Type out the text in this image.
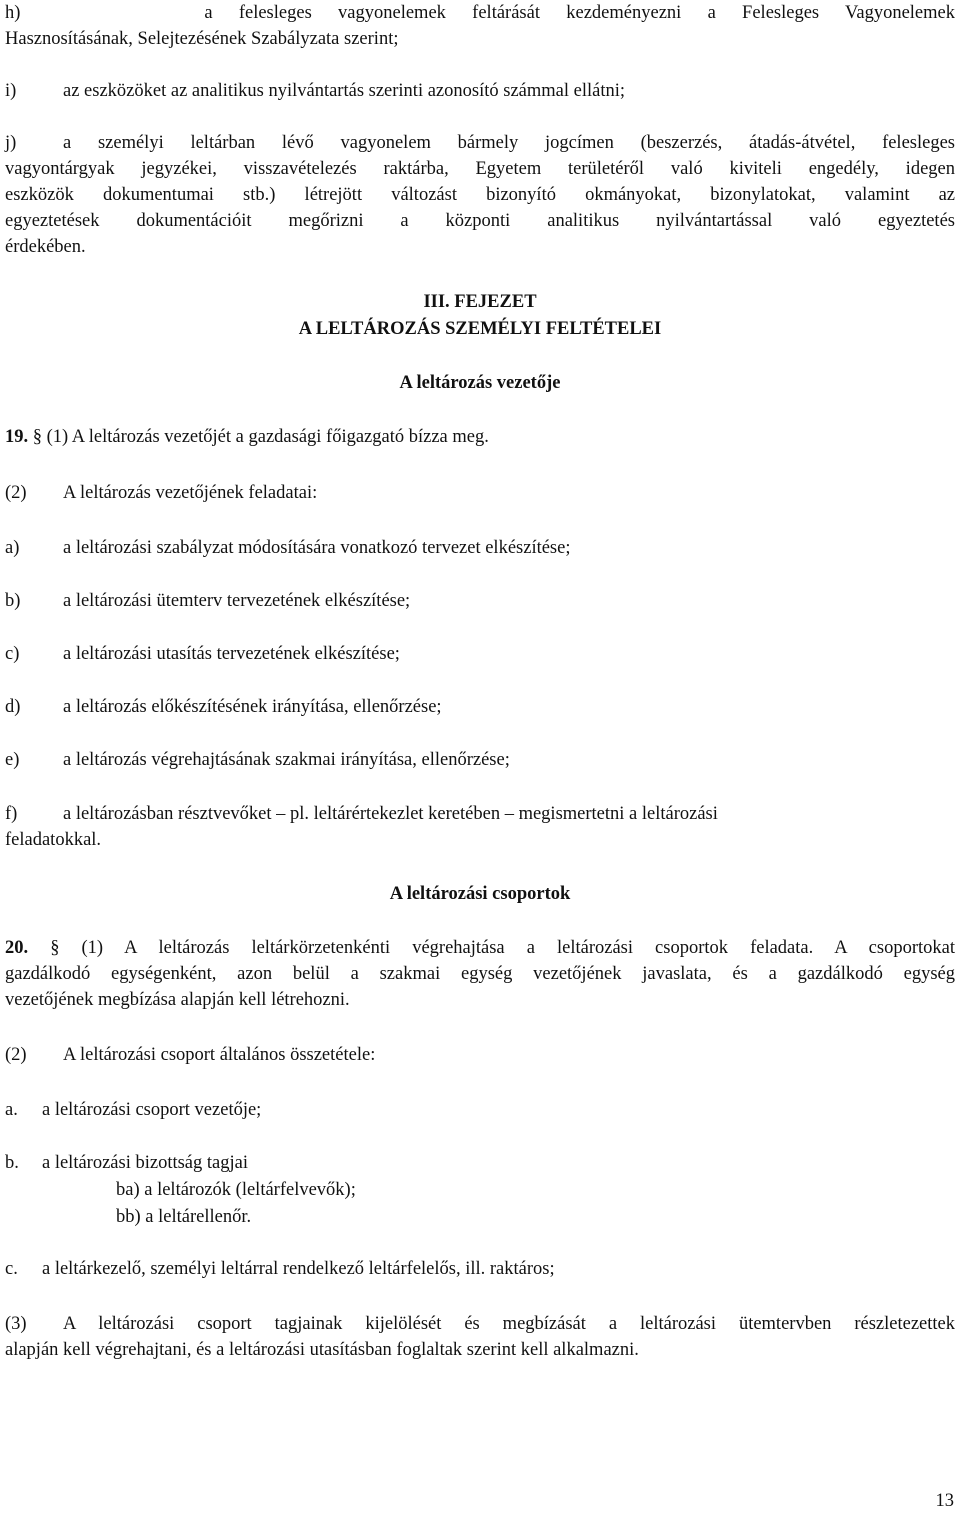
h)	a felesleges vagyonelemek feltárását kezdeményezni a Felesleges Vagyonelemek

Hasznosításának, Selejtezésének Szabályzata szerint;

i)	az eszközöket az analitikus nyilvántartás szerinti azonosító számmal ellátni;

j)	a személyi leltárban lévő vagyonelem bármely jogcímen (beszerzés, átadás-átvétel, felesleges

vagyontárgyak jegyzékei, visszavételezés raktárba, Egyetem területéről való kiviteli engedély, idegen

eszközök dokumentumai stb.) létrejött változást bizonyító okmányokat, bizonylatokat, valamint az

egyeztetések dokumentációit megőrizni a központi analitikus nyilvántartással való egyeztetés

érdekében.

III. FEJEZET
A LELTÁROZÁS SZEMÉLYI FELTÉTELEI
A leltározás vezetője

19. § (1) A leltározás vezetőjét a gazdasági főigazgató bízza meg.

(2) A leltározás vezetőjének feladatai:

a) a leltározási szabályzat módosítására vonatkozó tervezet elkészítése;

b) a leltározási ütemterv tervezetének elkészítése;

c) a leltározási utasítás tervezetének elkészítése;

d) a leltározás előkészítésének irányítása, ellenőrzése;

e) a leltározás végrehajtásának szakmai irányítása, ellenőrzése;

f) a leltározásban résztvevőket – pl. leltárértekezlet keretében – megismertetni a leltározási

feladatokkal.

A leltározási csoportok

20. § (1) A leltározás leltárkörzetenkénti végrehajtása a leltározási csoportok feladata. A csoportokat

gazdálkodó egységenként, azon belül a szakmai egység vezetőjének javaslata, és a gazdálkodó egység

vezetőjének megbízása alapján kell létrehozni.

(2) A leltározási csoport általános összetétele:

a. a leltározási csoport vezetője;

b. a leltározási bizottság tagjai

ba) a leltározók (leltárfelvevők);
bb) a leltárellenőr.

c. a leltárkezelő, személyi leltárral rendelkező leltárfelelős, ill. raktáros;

(3) A leltározási csoport tagjainak kijelölését és megbízását a leltározási ütemtervben részletezettek

alapján kell végrehajtani, és a leltározási utasításban foglaltak szerint kell alkalmazni.

13
